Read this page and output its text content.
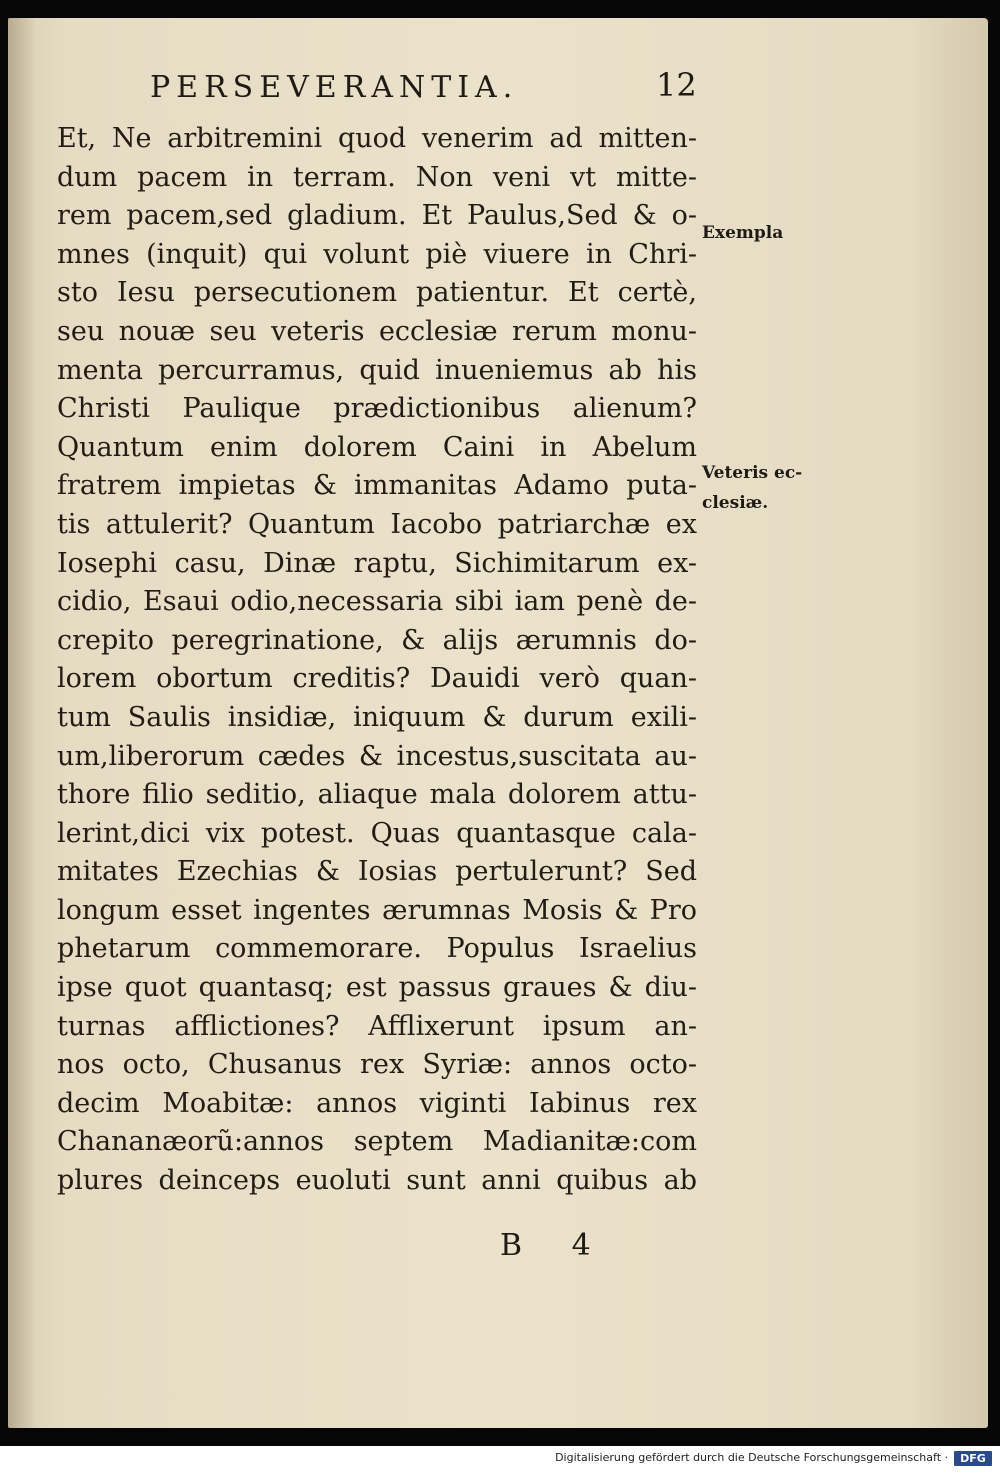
PERSEVERANTIA.	12
Et, Ne arbitremini quod venerim ad mitten-
dum pacem in terram. Non veni vt mitte-
rem pacem,sed gladium. Et Paulus,Sed & o-
mnes (inquit) qui volunt piè viuere in Chri-
sto Iesu persecutionem patientur. Et certè,
seu nouæ seu veteris ecclesiæ rerum monu-
menta percurramus, quid inueniemus ab his
Christi Paulique prædictionibus alienum?
Quantum enim dolorem Caini in Abelum
fratrem impietas & immanitas Adamo puta-
tis attulerit? Quantum Iacobo patriarchæ ex
Iosephi casu, Dinæ raptu, Sichimitarum ex-
cidio, Esaui odio,necessaria sibi iam penè de-
crepito peregrinatione, & alijs ærumnis do-
lorem obortum creditis? Dauidi verò quan-
tum Saulis insidiæ, iniquum & durum exili-
um,liberorum cædes & incestus,suscitata au-
thore filio seditio, aliaque mala dolorem attu-
lerint,dici vix potest. Quas quantasque cala-
mitates Ezechias & Iosias pertulerunt? Sed
longum esset ingentes ærumnas Mosis & Pro
phetarum commemorare. Populus Israelius
ipse quot quantasq; est passus graues & diu-
turnas afflictiones? Afflixerunt ipsum an-
nos octo, Chusanus rex Syriæ: annos octo-
decim Moabitæ: annos viginti Iabinus rex
Chananæorũ:annos septem Madianitæ:com
plures deinceps euoluti sunt anni quibus ab
Exempla
Veteris ec- clesiæ.
B 4
Digitalisierung gefördert durch die Deutsche Forschungsgemeinschaft ·	DFG
